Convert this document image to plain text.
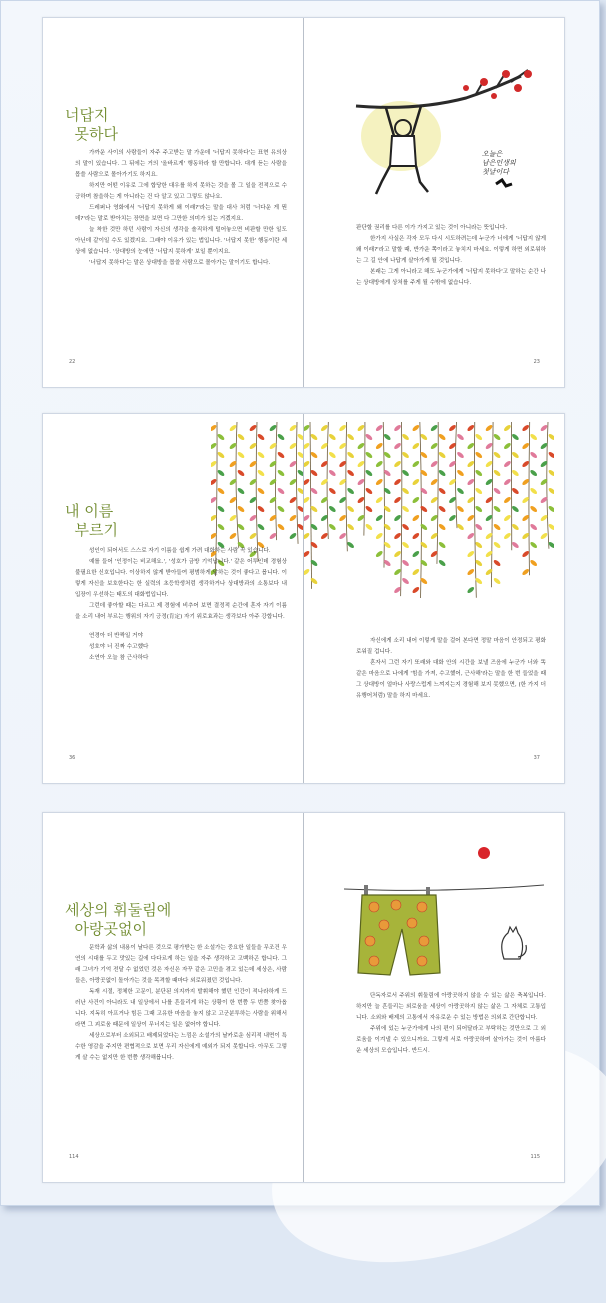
너답지
못하다

가까운 사이의 사람들이 자주 주고받는 말 가운데 '너답지 못하다'는 표현 유의상의 말이 있습니다. 그 뒤에는 거의 '올바르게' 행동하라 할 만합니다. 대개 듣는 사람을 몹쓸 사람으로 몰아가기도 하지요.

하지만 어떤 이유로 그에 합당한 대우를 하지 못하는 것을 볼 그 일을 전적으로 수긍하며 참을하는 게 아니라는 건 다 알고 있고 그렇도 않나요.

드레퍼나 영화에서 '너답지 못하게 왜 이래?'라는 말을 대사 처럼 '너다운 게 뭔데?'라는 말로 받아치는 장면을 보면 다 그만한 의미가 있는 거겠지요.

늘 착한 것만 하던 사람이 자신의 생각을 솔직하게 털어놓으면 비판할 만한 일도 아닌데 같이일 수도 있겠지요. 그래야 이유가 있는 법입니다. '너답지 못한' 행동이란 세상에 없습니다. '상대방의 눈에만 '너답지 못하게' 보일 뿐이지요.

'너답지 못하다'는 말은 상대방을 몹쓸 사람으로 몰아가는 말이기도 합니다.

22
오늘은
남은인생의
첫날이다

판단할 권리를 다른 이가 가지고 있는 것이 아니라는 뜻입니다.

한가지 사실은 각자 모두 다시 시도하려는데 누군가 너에게 '너답지 않게 왜 이래?'라고 말할 때, 반가운 쪽이라고 놓치지 마세요. 이렇게 하면 외로워하는 그 길 안에 나답게 살아가게 될 것입니다.

본래는 그게 아니라고 해도 누군가에게 '너답지 못하다'고 말하는 순간 나는 상대방에게 상처를 주게 될 수밖에 없습니다.

23
내 이름
부르기

성인이 되어서도 스스로 자기 이름을 쉽게 가려 대화하는 사람 꼭 있습니다.

예를 들어 '인정이는 비교해요.', '성호가 금방 기억납니다.' 같은 어투인데 경험상 불필요한 신호입니다. 이상하지 않게 받아들여 평범하게 말하는 것이 좋다고 봅니다. 이렇게 자신을 보호한다는 한 실력의 초등학생처럼 생각하거나 상대방과의 소통보다 내 입장이 우선하는 태도의 대화법입니다.

그런데 좋아할 때는 다르고 제 경험에 비추어 보면 결정적 순간에 혼자 자기 이름을 소리 내어 부르는 행위의 자기 긍정(肯定) 자기 위로효과는 생각보다 아주 강합니다.

연경아 더 반짝일 거야
성호야 너 진짜 수고했다
소연아 오늘 참 근사하다
36

자신에게 소리 내어 이렇게 말을 걸어 본다면 정말 마음이 안정되고 평화로워질 겁니다.

혼자서 그런 자기 또래와 대화 안의 시간을 보낼 즈음에 누군가 너와 똑같은 마음으로 나에게 '힘을 가져, 수고했어, 근사해'라는 말을 한 번 들었을 때 그 상대방이 얼마나 사랑스럽게 느껴지는지 경험해 보지 못했으면, (한 가지 더 유행어처럼) 말을 하지 마세요.

37
세상의 휘둘림에
아랑곳없이

문학과 삶의 내용이 날다른 것으로 평가받는 한 소설가는 중요한 일들을 무조건 우연의 시대를 두고 맛있는 길에 다다르게 하는 일을 자주 생각하고 고백하곤 합니다. 그래 그녀가 기억 전달 수 없었던 것은 자신은 자꾸 같은 고민을 겪고 있는데 세상은, 사람들은, 아랑곳없이 돌아가는 것을 목격할 때마다 외로워졌던 것입니다.

독재 시절, 정체한 고문이, 분단된 의지까지 발휘해야 했던 인간이 적나라하게 드러난 사건이 아니라도 내 일상에서 나를 흔들리게 하는 상황이 한 번쯤 두 번쯤 찾아옵니다. 지독히 아프거나 힘든 그때 고유한 마음을 놓지 않고 고군분투하는 사람을 위해서라면 그 괴로움 때문에 일상이 무너지는 일은 없어야 합니다.

세상으로부터 소외되고 배제되었다는 느낌은 소설가의 날카로운 심리적 내면이 특수한 영감을 주지만 편협적으로 보면 우리 자신에게 예외가 되지 못합니다. 아무도 그렇게 살 수는 없지만 한 번쯤 생각해봅니다.

114

단독자로서 주위의 휘둘림에 아랑곳하지 않을 수 있는 삶은 축복입니다. 하지만 늘 흔들리는 외로움을 세상이 아랑곳하지 않는 삶은 그 자체로 고통입니다. 소외와 배제의 고통에서 자유로운 수 있는 방법은 의외로 간단합니다.

주위에 있는 누군가에게 나의 편이 되어달라고 부탁하는 것만으로 그 외로움을 이겨낼 수 있으니까요. 그렇게 서로 아랑곳하며 살아가는 것이 아름다운 세상의 모습입니다. 반드시.

115
